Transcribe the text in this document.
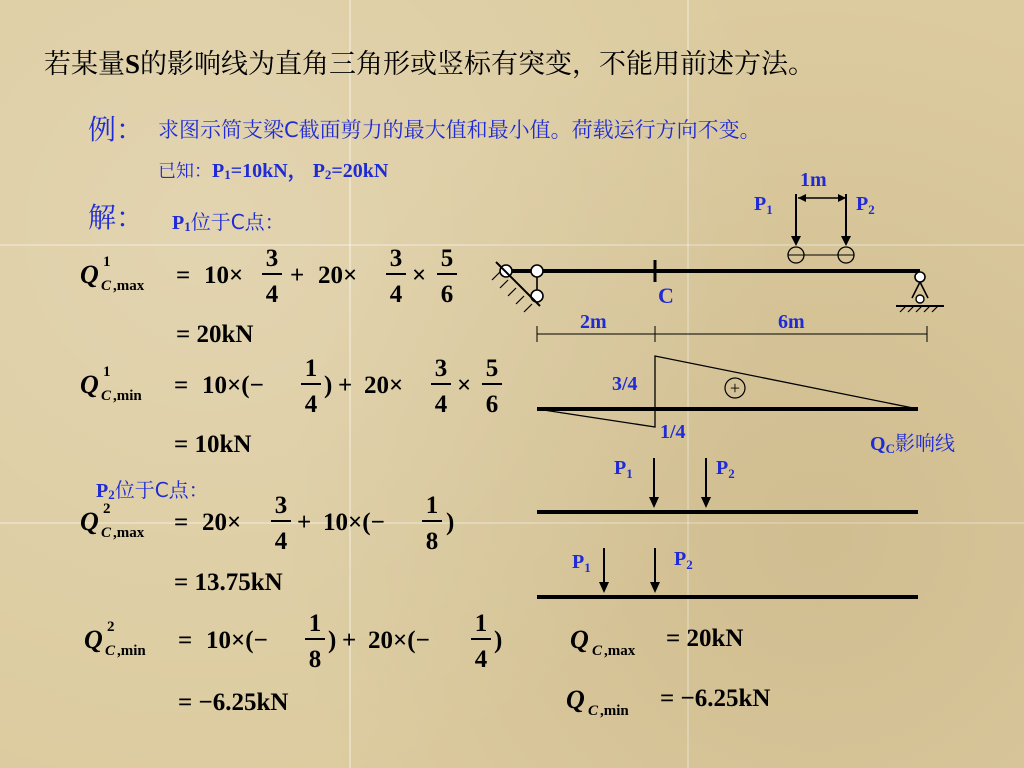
若某量S的影响线为直角三角形或竖标有突变，不能用前述方法。
例： 求图示简支梁C截面剪力的最大值和最小值。荷载运行方向不变。
已知：$P_1=10kN$， $P_2=20kN$
解： $P_1$位于C点：
$P_2$位于C点：
Q 1
C ,max = 10×
3
4
+ 20×
3
4
×
5
6
= 20kN
Q 1
C ,min = 10×(−
1
4
) + 20×
3
4
×
5
6
= 10kN
Q 2
C ,max = 20×
3
4
+ 10×(−
1
8
)
= 13.75kN
Q 2
C ,min = 10×(−
1
8
) + 20×(−
1
4
)
= −6.25kN
1m
$P_1$	$P_2$
C
2m	6m
3/4
1/4
+
QC影响线
$P_1$	$P_2$
$P_1$	$P_2$
Q C ,max = 20kN
Q C ,min = −6.25kN
